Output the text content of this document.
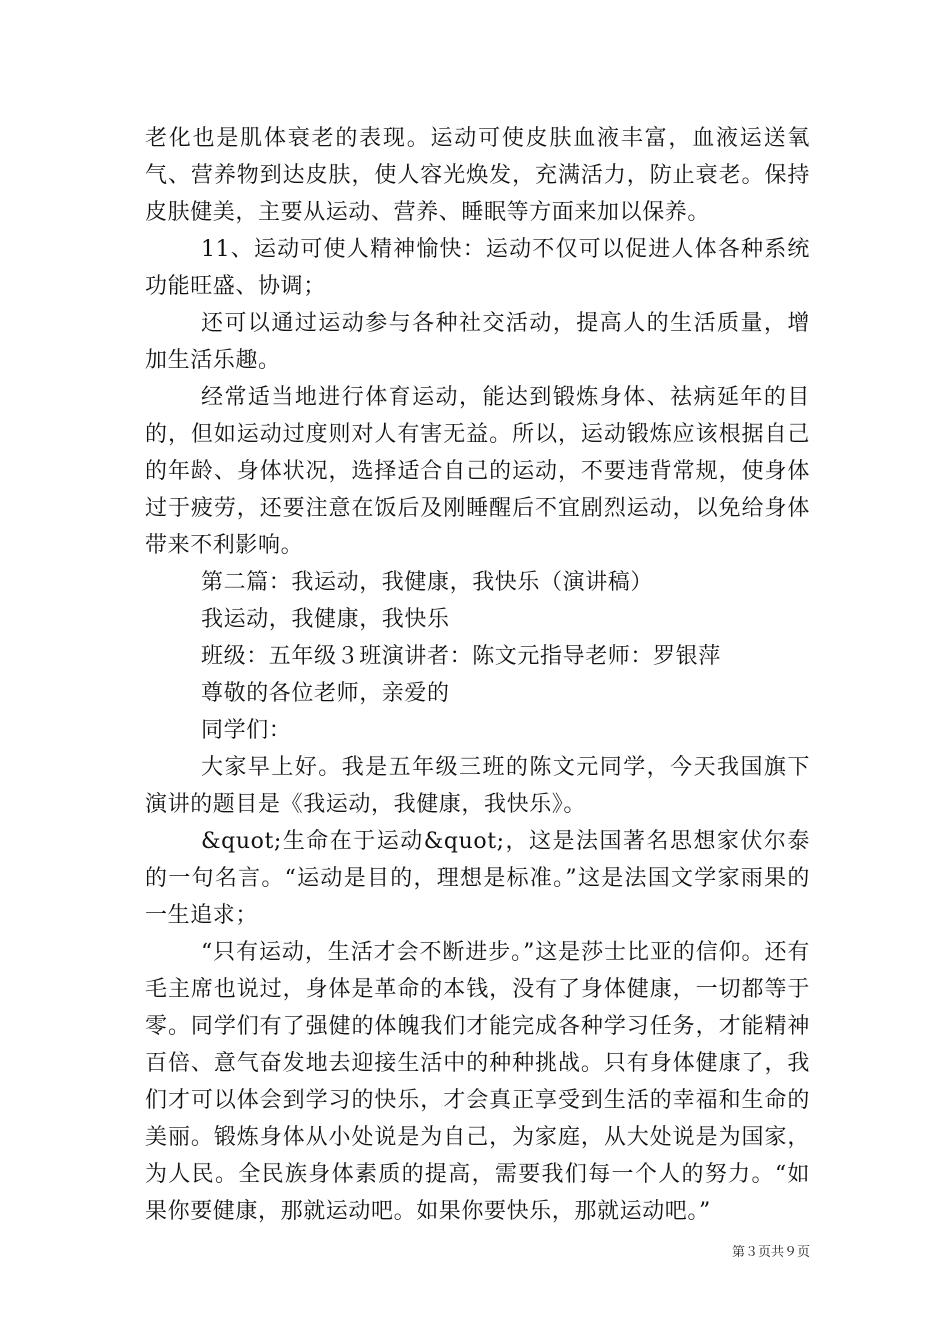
老化也是肌体衰老的表现。运动可使皮肤血液丰富，血液运送氧气、营养物到达皮肤，使人容光焕发，充满活力，防止衰老。保持皮肤健美，主要从运动、营养、睡眠等方面来加以保养。

11、运动可使人精神愉快：运动不仅可以促进人体各种系统功能旺盛、协调；

还可以通过运动参与各种社交活动，提高人的生活质量，增加生活乐趣。

经常适当地进行体育运动，能达到锻炼身体、祛病延年的目的，但如运动过度则对人有害无益。所以，运动锻炼应该根据自己的年龄、身体状况，选择适合自己的运动，不要违背常规，使身体过于疲劳，还要注意在饭后及刚睡醒后不宜剧烈运动，以免给身体带来不利影响。

第二篇：我运动，我健康，我快乐（演讲稿）

我运动，我健康，我快乐

班级：五年级３班演讲者：陈文元指导老师：罗银萍

尊敬的各位老师，亲爱的

同学们：

大家早上好。我是五年级三班的陈文元同学，今天我国旗下演讲的题目是《我运动，我健康，我快乐》。

&quot;生命在于运动&quot;，这是法国著名思想家伏尔泰的一句名言。“运动是目的，理想是标准。”这是法国文学家雨果的一生追求；

“只有运动，生活才会不断进步。”这是莎士比亚的信仰。还有毛主席也说过，身体是革命的本钱，没有了身体健康，一切都等于零。同学们有了强健的体魄我们才能完成各种学习任务，才能精神百倍、意气奋发地去迎接生活中的种种挑战。只有身体健康了，我们才可以体会到学习的快乐，才会真正享受到生活的幸福和生命的美丽。锻炼身体从小处说是为自己，为家庭，从大处说是为国家，为人民。全民族身体素质的提高，需要我们每一个人的努力。“如果你要健康，那就运动吧。如果你要快乐，那就运动吧。”

第３页共９页
